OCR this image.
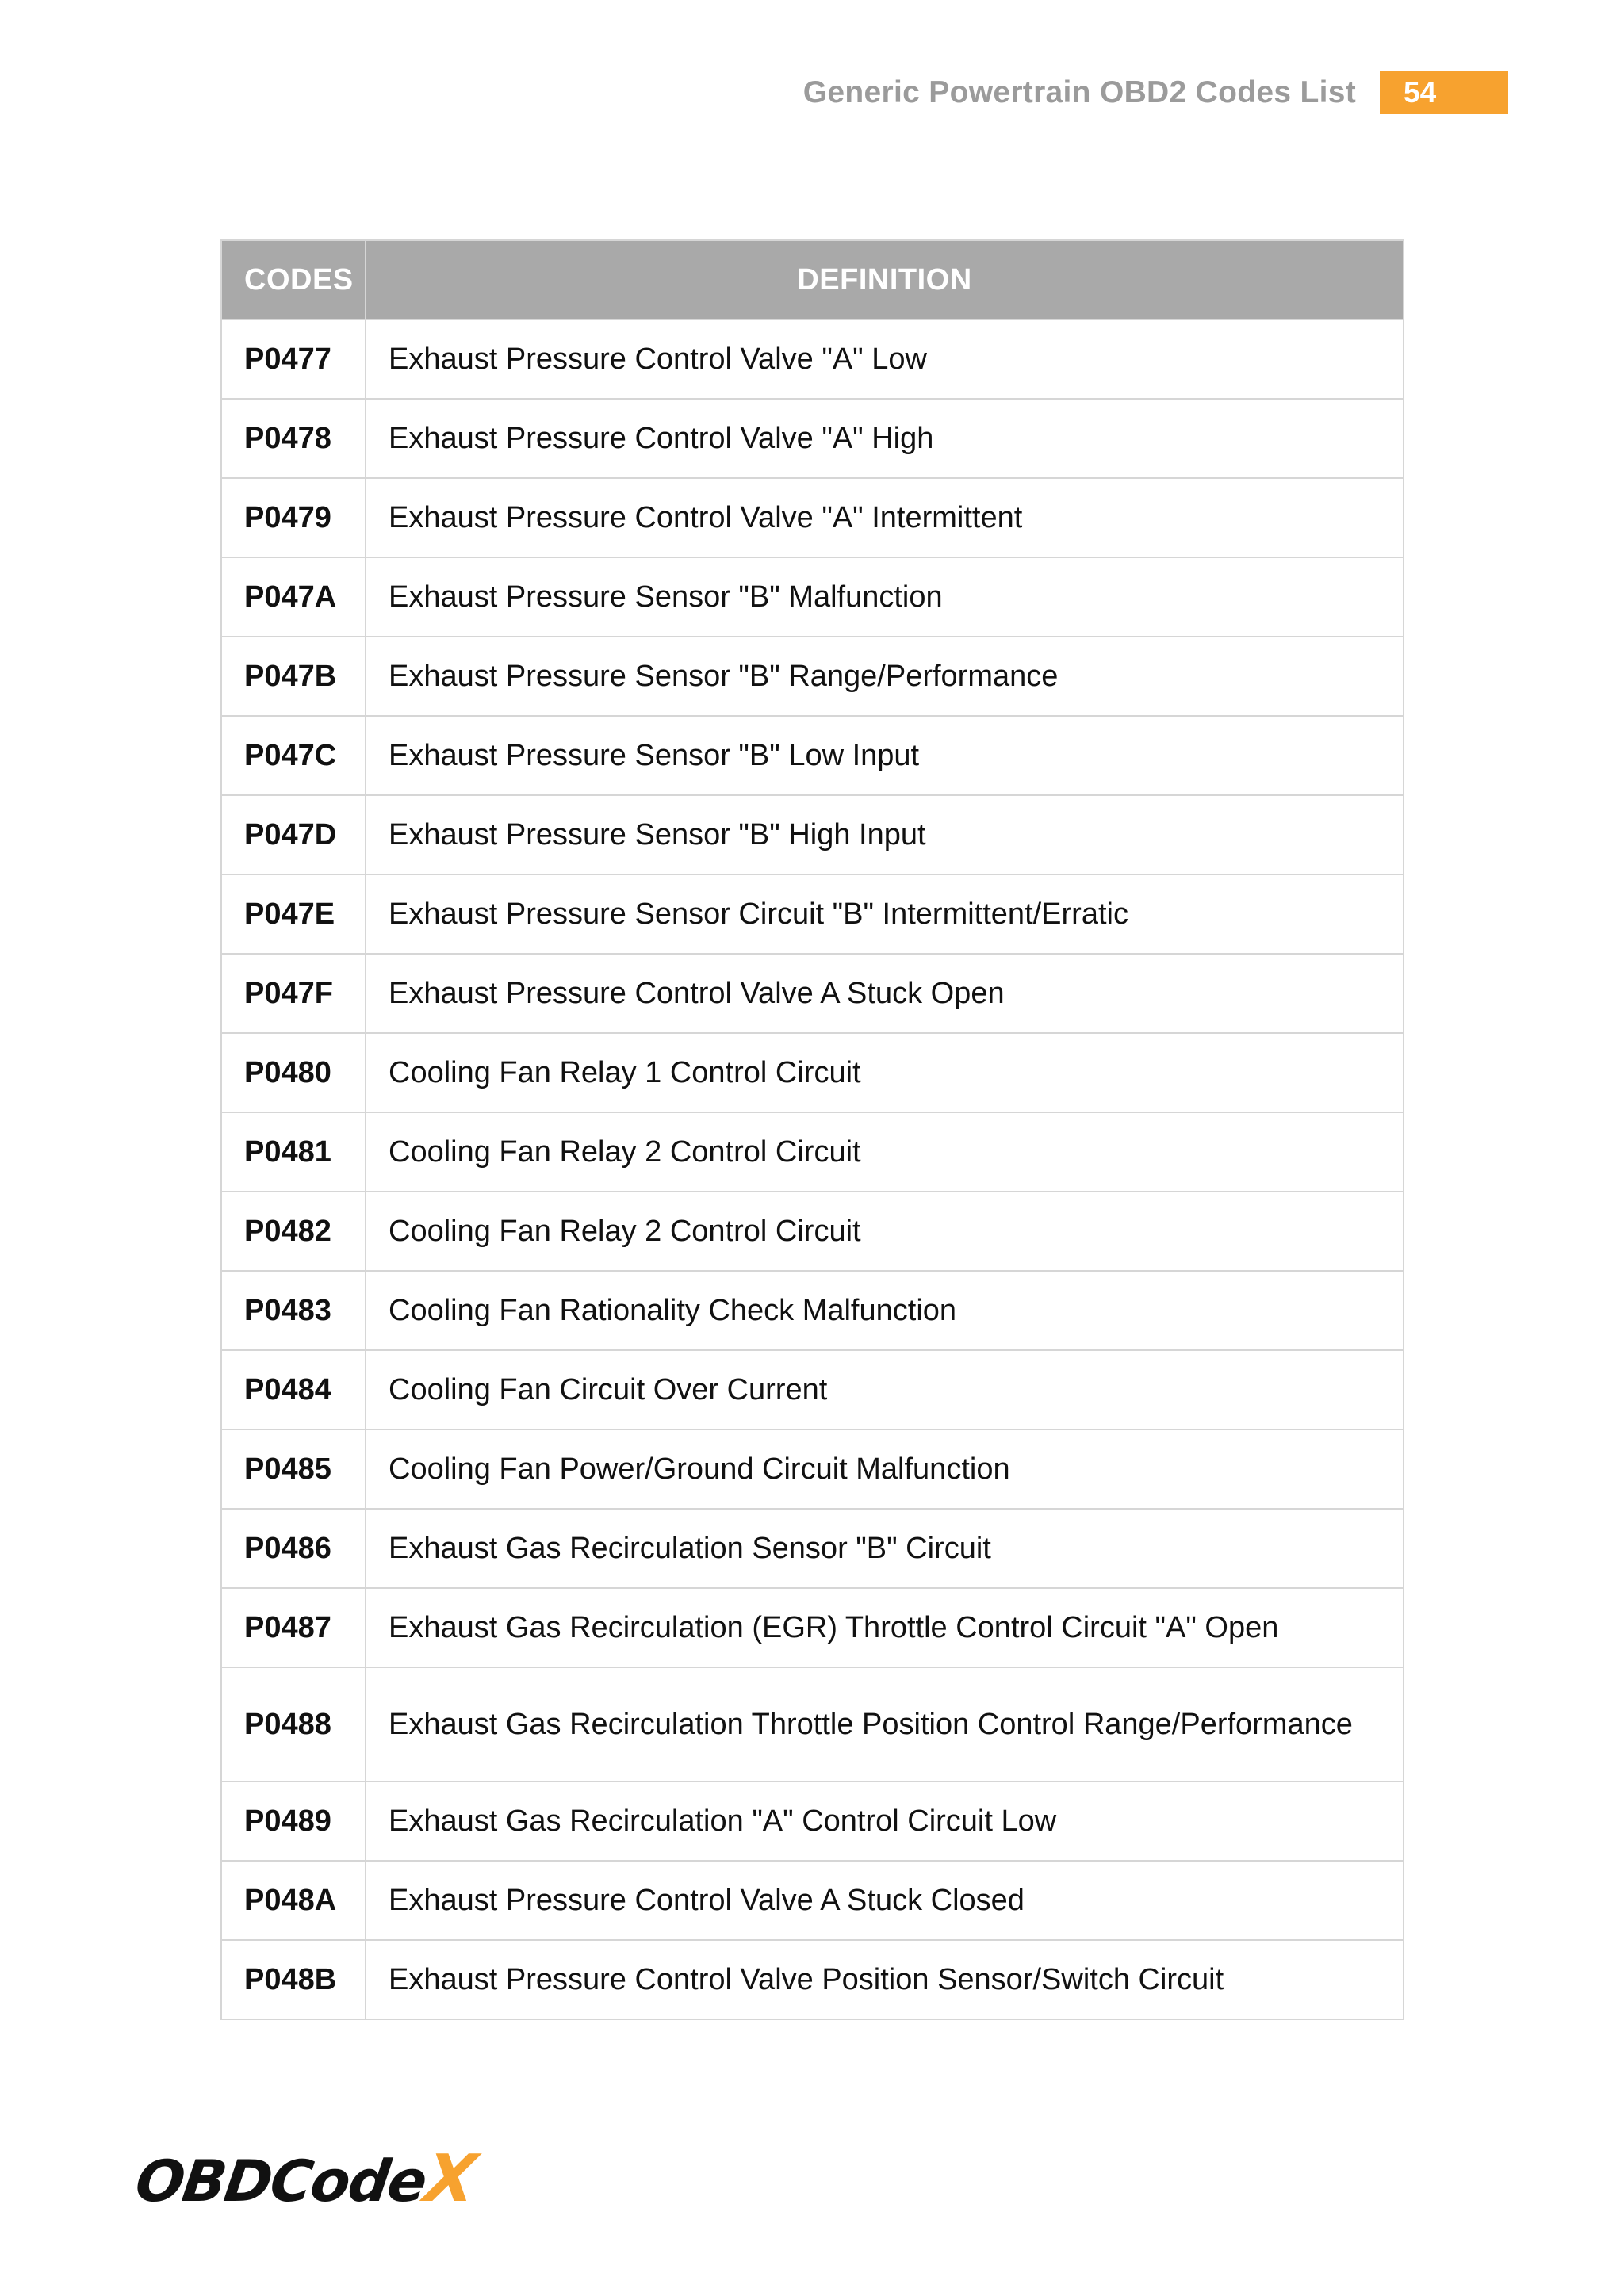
Generic Powertrain OBD2 Codes List	54
CODES	DEFINITION
P0477	Exhaust Pressure Control Valve "A" Low
P0478	Exhaust Pressure Control Valve "A" High
P0479	Exhaust Pressure Control Valve "A" Intermittent
P047A	Exhaust Pressure Sensor "B" Malfunction
P047B	Exhaust Pressure Sensor "B" Range/Performance
P047C	Exhaust Pressure Sensor "B" Low Input
P047D	Exhaust Pressure Sensor "B" High Input
P047E	Exhaust Pressure Sensor Circuit "B" Intermittent/Erratic
P047F	Exhaust Pressure Control Valve A Stuck Open
P0480	Cooling Fan Relay 1 Control Circuit
P0481	Cooling Fan Relay 2 Control Circuit
P0482	Cooling Fan Relay 2 Control Circuit
P0483	Cooling Fan Rationality Check Malfunction
P0484	Cooling Fan Circuit Over Current
P0485	Cooling Fan Power/Ground Circuit Malfunction
P0486	Exhaust Gas Recirculation Sensor "B" Circuit
P0487	Exhaust Gas Recirculation (EGR) Throttle Control Circuit "A" Open
P0488	Exhaust Gas Recirculation Throttle Position Control Range/Performance
P0489	Exhaust Gas Recirculation "A" Control Circuit Low
P048A	Exhaust Pressure Control Valve A Stuck Closed
P048B	Exhaust Pressure Control Valve Position Sensor/Switch Circuit
OBDCodeX
